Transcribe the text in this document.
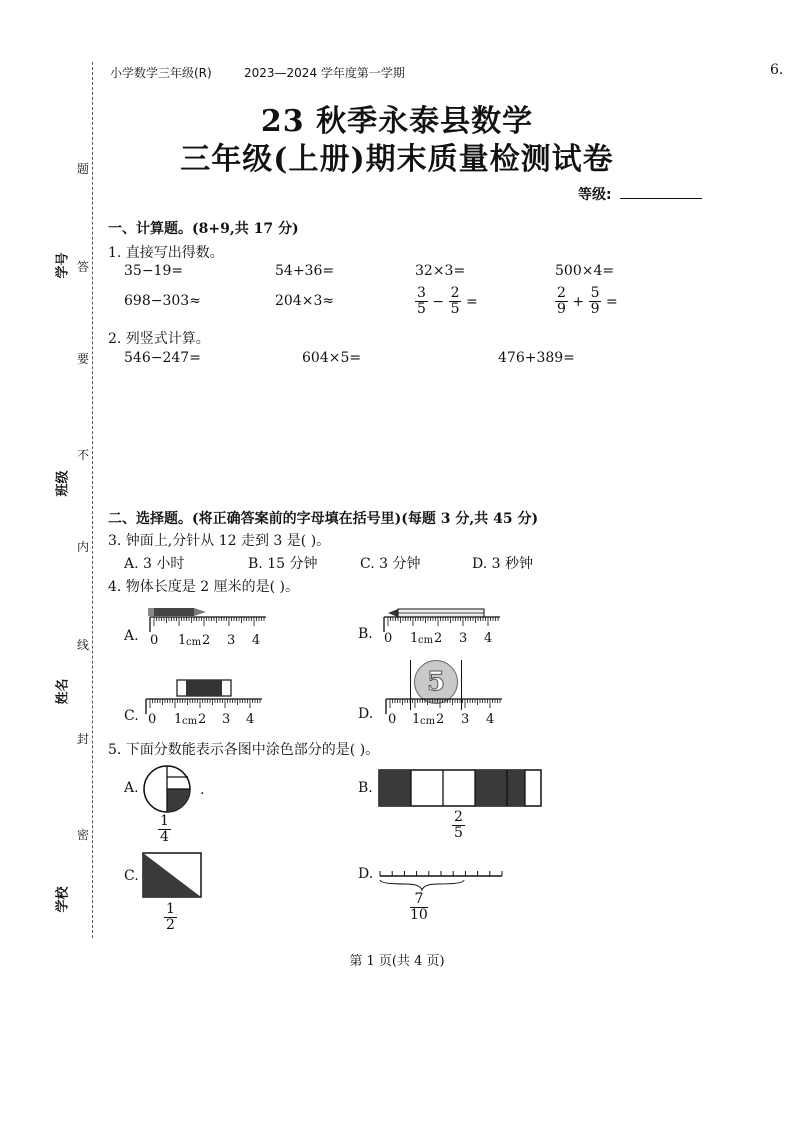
题
答
要
不
内
线
封
密
学号
班级
姓名
学校
小学数学三年级(R)	2023—2024 学年度第一学期	6.
23 秋季永泰县数学
三年级(上册)期末质量检测试卷
等级:
一、计算题。(8+9,共 17 分)
1. 直接写出得数。
35−19=	54+36=	32×3=	500×4=
698−303≈	204×3≈	$\frac{3}{5} - \frac{2}{5}$ =	$\frac{2}{9} + \frac{5}{9}$ =
2. 列竖式计算。
546−247=	604×5=	476+389=
二、选择题。(将正确答案前的字母填在括号里)(每题 3 分,共 45 分)
3. 钟面上,分针从 12 走到 3 是( )。
A. 3 小时	B. 15 分钟	C. 3 分钟	D. 3 秒钟
4. 物体长度是 2 厘米的是( )。
A. 0 1 cm 2 3 4	B. 0 1 cm 2 3 4
C. 0 1 cm 2 3 4	D.
5
0 1 cm 2 3 4
5. 下面分数能表示各图中涂色部分的是( )。
A.	.
$\frac{1}{4}$
B.
$\frac{2}{5}$
C.
$\frac{1}{2}$
D.
$\frac{7}{10}$
第 1 页(共 4 页)
